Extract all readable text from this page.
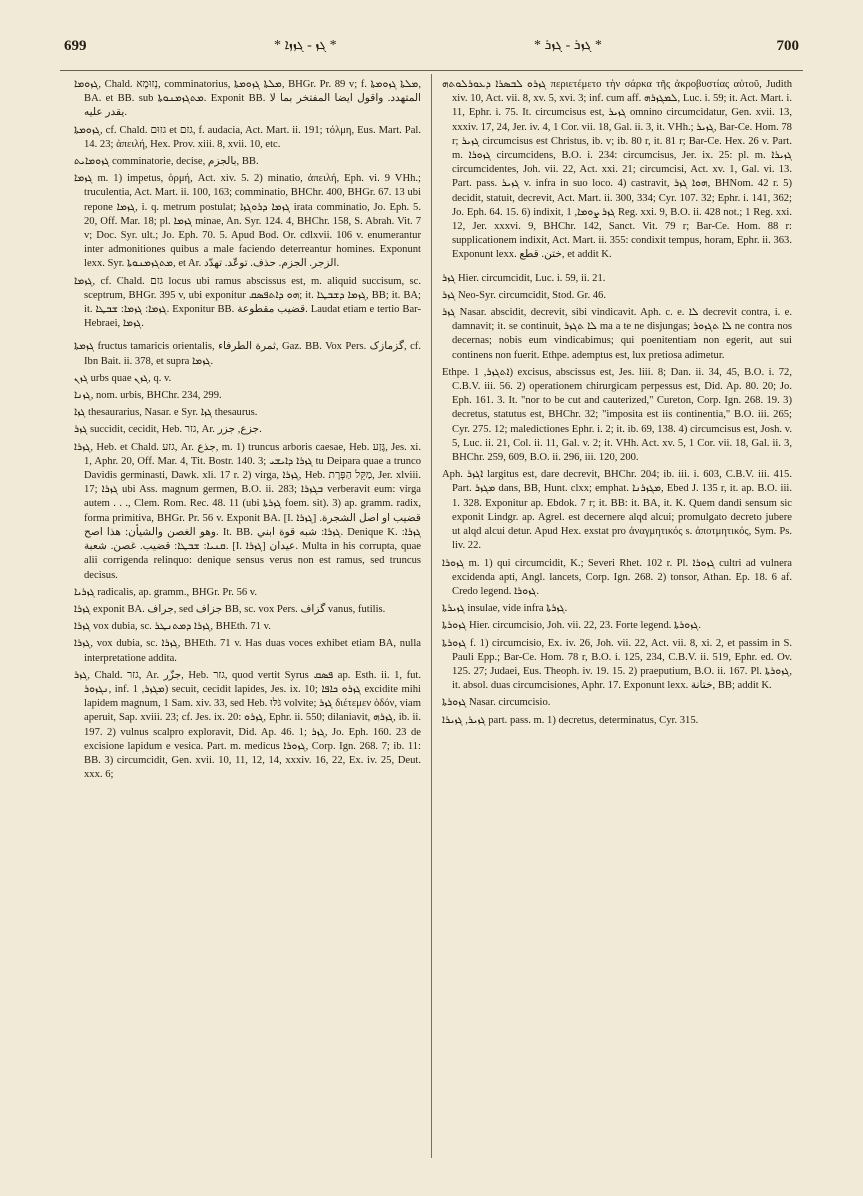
699	* ܓܙ - ܓܙܙܐ *	* ܓܙܪ - ܓܙܪ *	700

ܓܙܘܡܐ, Chald. נְזוּמָא, comminatorius, ܡܠܬܐ ܓܙܘܡܬܐ, BHGr. Pr. 89 v; f. ܡܠܬܐ ܓܙܘܡܬܐ, BA. et BB. sub ܡܬܓܙܡܢܘܬܐ. Exponit BB. المتهدد. واقول ايضا المفتخر بما لا يقدر عليه.

ܓܙܘܡܬܐ, cf. Chald. גזוּם et גזם, f. audacia, Act. Mart. ii. 191; τόλμη, Eus. Mart. Pal. 14. 23; ἀπειλή, Hex. Prov. xiii. 8, xvii. 10, etc.

ܓܙܘܡܐܝܬ comminatorie, decise, بالجزم, BB.

ܓܙܡܐ m. 1) impetus, ὁρμή, Act. xiv. 5. 2) minatio, ἀπειλή, Eph. vi. 9 VHh.; truculentia, Act. Mart. ii. 100, 163; comminatio, BHChr. 400, BHGr. 67. 13 ubi repone ܓܙܡܐ, i. q. metrum postulat; ܓܙܡܐ ܕܪܘܓܙܐ irata comminatio, Jo. Eph. 5. 20, Off. Mar. 18; pl. ܓܙܡܐ minae, An. Syr. 124. 4, BHChr. 158, S. Abrah. Vit. 7 v; Doc. Syr. ult.; Jo. Eph. 70. 5. Apud Bod. Or. cdlxvii. 106 v. enumerantur inter admonitiones quibus a male faciendo deterreantur homines. Exponunt lexx. Syr. ܡܬܓܙܡܢܘܬܐ, et Ar. الزجر. الجزم. حذف. توعّد. تهدّد.

ܓܙܡܐ, cf. Chald. גזם locus ubi ramus abscissus est, m. aliquid succisum, sc. sceptrum, BHGr. 395 v, ubi exponitur ܗܘ ܕܐܬܦܣܩ; it. ܓܙܡܐ ܕܫܒܛܐ, BB; it. BA; it. ܓܙܡܐ: ܓܙܡܐ: ܫܒܛܐ. Exponitur BB. قضيب مقطوعة. Laudat etiam e tertio Bar-Hebraei, ܓܙܡܐ.

ܓܙܡܬܐ fructus tamaricis orientalis, ثمرة الطرفاء, Gaz. BB. Vox Pers. گزمازک, cf. Ibn Bait. ii. 378, et supra ܓܙܡܐ.

ܓܙܢ urbs quae ܓܙܢ, q. v.

ܓܙܢܐ, nom. urbis, BHChr. 234, 299.

ܓܙܐ thesaurarius, Nasar. e Syr. ܓܙܐ thesaurus.

ܓܙܪ succidit, cecidit, Heb. גזר, Ar. جزع, جزر.

ܓܙܪܐ, Heb. et Chald. גזע, Ar. جذع, m. 1) truncus arboris caesae, Heb. גֶּזַע, Jes. xi. 1, Aphr. 20, Off. Mar. 4, Tit. Bostr. 140. 3; ܓܙܪܐ ܕܐܝܫܝ tu Deipara quae a trunco Davidis germinasti, Dawk. xli. 17 r. 2) virga, ܓܙܪܐ, Heb. מַקֵּל הַפְּרָת, Jer. xlviii. 17; ܓܙܪܐ ubi Ass. magnum germen, B.O. ii. 283; ܒܓܙܪܐ verberavit eum: virga autem . . ., Clem. Rom. Rec. 48. 11 (ubi ܓܙܪܬܐ foem. sit). 3) ap. gramm. radix, forma primitiva, BHGr. Pr. 56 v. Exponit BA. [I. ܓܙܪܐ] قضيب او اصل الشجرة. وهو الغصن والشيأن: هذا اصح. It. BB. ܓܙܪܐ: شبه قوة ابني. Denique K. ܓܙܪܐ: ܩܢܝܐ: ܫܒܛܐ: قضيب. غصن. شعبة. [I. ܓܙܪܐ] عيدان. Multa in his corrupta, quae alii corrigenda relinquo: denique sensus verus non est ramus, sed truncus decisus.

ܓܙܪܝܐ radicalis, ap. gramm., BHGr. Pr. 56 v.

ܓܙܪܐ exponit BA. جراف, sed جزاف BB, sc. vox Pers. گزاف vanus, futilis.

ܓܙܪܐ vox dubia, sc. ܓܙܪܐ ܕܡܬܢܛܪ, BHEth. 71 v.

ܓܙܪܐ, vox dubia, sc. ܓܙܪܐ, BHEth. 71 v. Has duas voces exhibet etiam BA, nulla interpretatione addita.

ܓܙܪ, Chald. גזר, Ar. جزّر, Heb. גזר, quod vertit Syrus ܦܣܩ ap. Esth. ii. 1, fut. ܢܓܙܘܪ, inf. ܡܓܙܪ, 1) secuit, cecidit lapides, Jes. ix. 10; ܓܙܪܘ ܟܐܦܐ excidite mihi lapidem magnum, 1 Sam. xiv. 33, sed Heb. גֹּלּוּ volvite; ܓܙܪ διέτεμεν ὁδόν, viam aperuit, Sap. xviii. 23; cf. Jes. ix. 20: ܓܙܪܘ, Ephr. ii. 550; dilaniavit, ܓܙܪܗ, ib. ii. 197. 2) vulnus scalpro exploravit, Did. Ap. 46. 1; ܓܙܪ, Jo. Eph. 160. 23 de excisione lapidum e vesica. Part. m. medicus ܓܙܘܪܐ, Corp. Ign. 268. 7; ib. 11: BB. 3) circumcidit, Gen. xvii. 10, 11, 12, 14, xxxiv. 16, 22, Ex. iv. 25, Deut. xxx. 6;

ܓܙܪܘ ܠܒܣܪܐ ܕܥܘܪܠܘܬܗ περιετέμετο τὴν σάρκα τῆς ἀκροβυστίας αὐτοῦ, Judith xiv. 10, Act. vii. 8, xv. 5, xvi. 3; inf. cum aff. ܠܡܓܙܪܗ, Luc. i. 59; it. Act. Mart. i. 11, Ephr. i. 75. It. circumcisus est, ܓܙܝܪ omnino circumcidatur, Gen. xvii. 13, xxxiv. 17, 24, Jer. iv. 4, 1 Cor. vii. 18, Gal. ii. 3, it. VHh.; ܓܙܝܪ, Bar-Ce. Hom. 78 r; ܓܙܝܪ circumcisus est Christus, ib. v; ib. 80 r, it. 81 r; Bar-Ce. Hex. 26 v. Part. m. ܓܙܘܪܐ circumcidens, B.O. i. 234: circumcisus, Jer. ix. 25: pl. m. ܓܙܝܪܐ circumcidentes, Joh. vii. 22, Act. xxi. 21; circumcisi, Act. xv. 1, Gal. vi. 13. Part. pass. ܓܙܝܪ v. infra in suo loco. 4) castravit, ܗܘܐ ܓܙܪ, BHNom. 42 r. 5) decidit, statuit, decrevit, Act. Mart. ii. 300, 334; Cyr. 107. 32; Ephr. i. 141, 362; Jo. Eph. 64. 15. 6) indixit, ܓܙܪ ܨܘܡܐ, 1 Reg. xxi. 9, B.O. ii. 428 not.; 1 Reg. xxi. 12, Jer. xxxvi. 9, BHChr. 142, Sanct. Vit. 79 r; Bar-Ce. Hom. 88 r: supplicationem indixit, Act. Mart. ii. 355: condixit tempus, horam, Ephr. ii. 363. Exponunt lexx. ختن. قطع, et addit K.

ܓܙܪ Hier. circumcidit, Luc. i. 59, ii. 21.

ܓܙܪ Neo-Syr. circumcidit, Stod. Gr. 46.

ܓܙܪ Nasar. abscidit, decrevit, sibi vindicavit. Aph. c. e. ܠܐ decrevit contra, i. e. damnavit; it. se continuit, ܠܐ ܬܓܙܪ ma a te ne disjungas; ܠܐ ܬܓܙܘܪ ne contra nos decernas; nobis eum vindicabimus; qui poenitentiam non egerit, aut sui continens non fuerit. Ethpe. ademptus est, lux pretiosa adimetur.

Ethpe. ܐܬܓܙܪ, 1) excisus, abscissus est, Jes. liii. 8; Dan. ii. 34, 45, B.O. i. 72, C.B.V. iii. 56. 2) operationem chirurgicam perpessus est, Did. Ap. 80. 20; Jo. Eph. 161. 3. It. "nor to be cut and cauterized," Cureton, Corp. Ign. 268. 19. 3) decretus, statutus est, BHChr. 32; "imposita est iis continentia," B.O. iii. 265; Cyr. 275. 12; maledictiones Ephr. i. 2; it. ib. 69, 138. 4) circumcisus est, Josh. v. 5, Luc. ii. 21, Col. ii. 11, Gal. v. 2; it. VHh. Act. xv. 5, 1 Cor. vii. 18, Gal. ii. 3, BHChr. 259, 609, B.O. ii. 296, iii. 120, 200.

Aph. ܐܓܙܪ largitus est, dare decrevit, BHChr. 204; ib. iii. i. 603, C.B.V. iii. 415. Part. ܡܓܙܪ dans, BB, Hunt. clxx; emphat. ܡܓܙܪܢܐ, Ebed J. 135 r, it. ap. B.O. iii. 1. 328. Exponitur ap. Ebdok. 7 r; it. BB: it. BA, it. K. Quem dandi sensum sic exponit Lindgr. ap. Agrel. est decernere alqd alcui; promulgato decreto jubere ut alqd alcui detur. Apud Hex. exstat pro ἀναγμητικός s. ἀποτμητικός, Sym. Ps. liv. 22.

ܓܙܘܪܐ m. 1) qui circumcidit, K.; Severi Rhet. 102 r. Pl. ܓܙܘܪܐ cultri ad vulnera excidenda apti, Angl. lancets, Corp. Ign. 268. 2) tonsor, Athan. Ep. 18. 6 af. Credo legend. ܓܙܘܪܐ.

ܓܙܝܪܬܐ insulae, vide infra ܓܙܪܬܐ.

ܓܙܘܪܬܐ Hier. circumcisio, Joh. vii. 22, 23. Forte legend. ܓܙܘܪܬܐ.

ܓܙܘܪܬܐ f. 1) circumcisio, Ex. iv. 26, Joh. vii. 22, Act. vii. 8, xi. 2, et passim in S. Pauli Epp.; Bar-Ce. Hom. 78 r, B.O. i. 125, 234, C.B.V. ii. 519, Ephr. ed. Ov. 125. 27; Judaei, Eus. Theoph. iv. 19. 15. 2) praeputium, B.O. ii. 167. Pl. ܓܙܘܪܬܐ, it. absol. duas circumcisiones, Aphr. 17. Exponunt lexx. ختانة, BB; addit K.

ܓܙܘܪܬܐ Nasar. circumcisio.

ܓܙܝܪ, ܓܙܝܪܐ part. pass. m. 1) decretus, determinatus, Cyr. 315.
